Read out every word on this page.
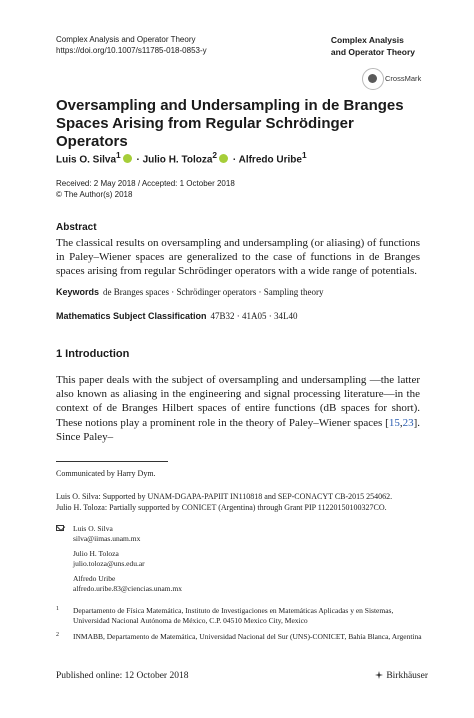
Complex Analysis and Operator Theory
https://doi.org/10.1007/s11785-018-0853-y
Complex Analysis
and Operator Theory
CrossMark
Oversampling and Undersampling in de Branges Spaces Arising from Regular Schrödinger Operators
Luis O. Silva$^1$ · Julio H. Toloza$^2$ · Alfredo Uribe$^1$
Received: 2 May 2018 / Accepted: 1 October 2018
© The Author(s) 2018
Abstract
The classical results on oversampling and undersampling (or aliasing) of functions in Paley–Wiener spaces are generalized to the case of functions in de Branges spaces arising from regular Schrödinger operators with a wide range of potentials.
Keywords de Branges spaces · Schrödinger operators · Sampling theory
Mathematics Subject Classification 47B32 · 41A05 · 34L40
1 Introduction
This paper deals with the subject of oversampling and undersampling —the latter also known as aliasing in the engineering and signal processing literature—in the context of de Branges Hilbert spaces of entire functions (dB spaces for short). These notions play a prominent role in the theory of Paley–Wiener spaces [15,23]. Since Paley–
Communicated by Harry Dym.
Luis O. Silva: Supported by UNAM-DGAPA-PAPIIT IN110818 and SEP-CONACYT CB-2015 254062.
Julio H. Toloza: Partially supported by CONICET (Argentina) through Grant PIP 11220150100327CO.
Luis O. Silva
silva@iimas.unam.mx
Julio H. Toloza
julio.toloza@uns.edu.ar
Alfredo Uribe
alfredo.uribe.83@ciencias.unam.mx
1 Departamento de Física Matemática, Instituto de Investigaciones en Matemáticas Aplicadas y en Sistemas, Universidad Nacional Autónoma de México, C.P. 04510 Mexico City, Mexico
2 INMABB, Departamento de Matemática, Universidad Nacional del Sur (UNS)-CONICET, Bahía Blanca, Argentina
Published online: 12 October 2018	Birkhäuser
